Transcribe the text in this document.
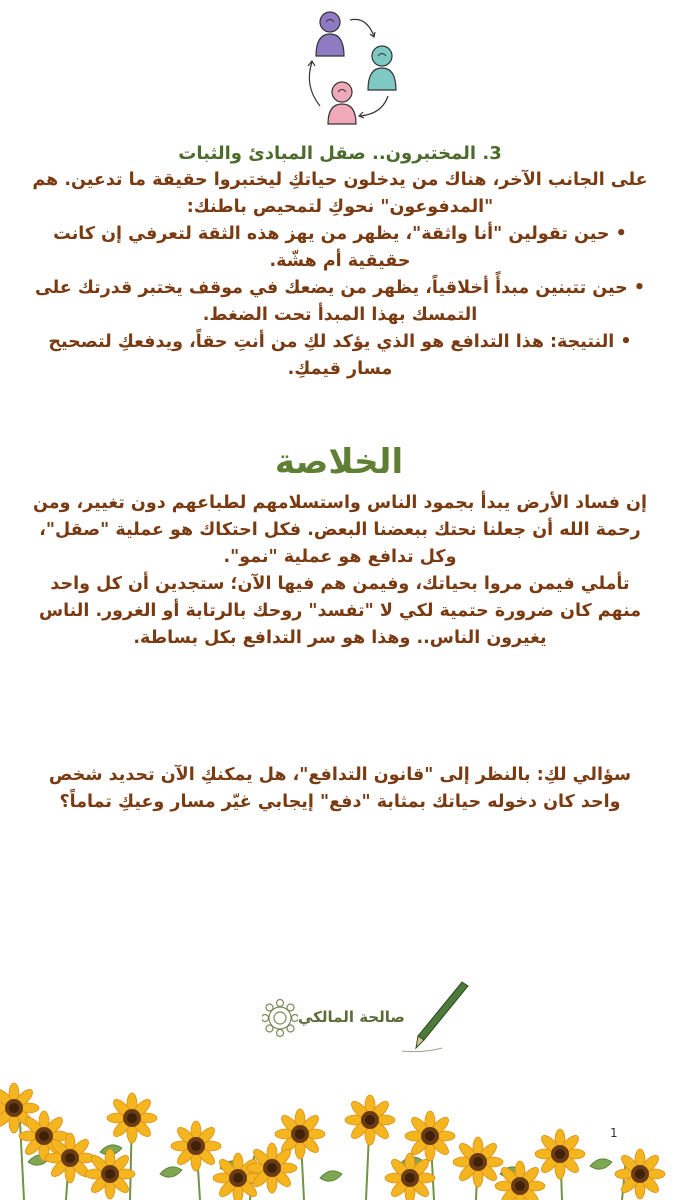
3. المختبرون.. صقل المبادئ والثبات

على الجانب الآخر، هناك من يدخلون حياتكِ ليختبروا حقيقة ما تدعين. هم "المدفوعون" نحوكِ لتمحيص باطنك:

• حين تقولين "أنا واثقة"، يظهر من يهز هذه الثقة لتعرفي إن كانت حقيقية أم هشّة.

• حين تتبنين مبدأً أخلاقياً، يظهر من يضعك في موقف يختبر قدرتك على التمسك بهذا المبدأ تحت الضغط.

• النتيجة: هذا التدافع هو الذي يؤكد لكِ من أنتِ حقاً، ويدفعكِ لتصحيح مسار قيمكِ.

الخلاصة

إن فساد الأرض يبدأ بجمود الناس واستسلامهم لطباعهم دون تغيير، ومن رحمة الله أن جعلنا نحتك ببعضنا البعض. فكل احتكاك هو عملية "صقل"، وكل تدافع هو عملية "نمو".

تأملي فيمن مروا بحياتك، وفيمن هم فيها الآن؛ ستجدين أن كل واحد منهم كان ضرورة حتمية لكي لا "تفسد" روحك بالرتابة أو الغرور. الناس يغيرون الناس.. وهذا هو سر التدافع بكل بساطة.

سؤالي لكِ: بالنظر إلى "قانون التدافع"، هل يمكنكِ الآن تحديد شخص واحد كان دخوله حياتك بمثابة "دفع" إيجابي غيّر مسار وعيكِ تماماً؟

صالحة المالكي
1
